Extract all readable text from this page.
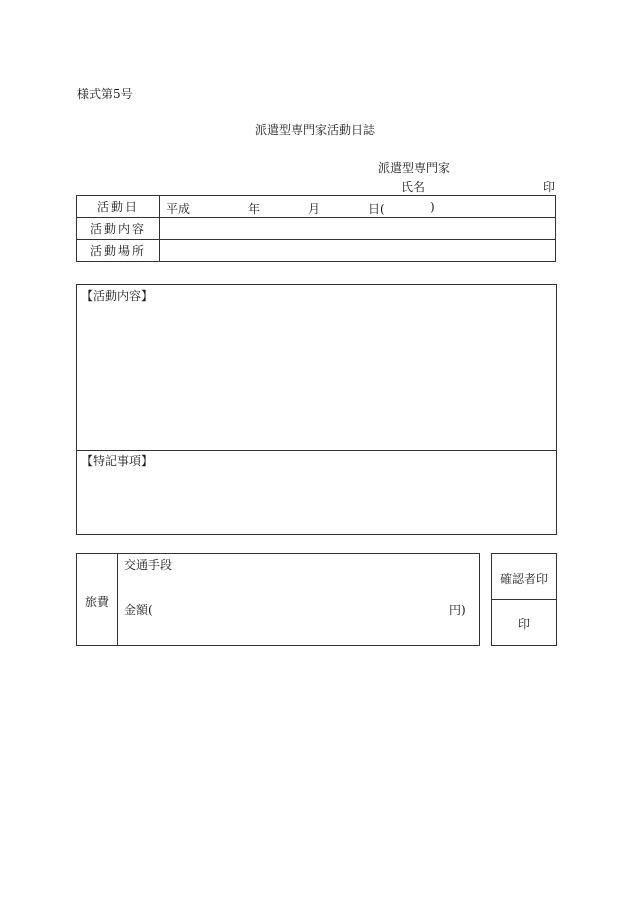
様式第5号
派遣型専門家活動日誌
派遣型専門家
氏名	印
活動日	平成 年 月 日( )

活動内容	
活動場所	
【活動内容】
【特記事項】
旅費
交通手段
金額(	円)
確認者印
印
